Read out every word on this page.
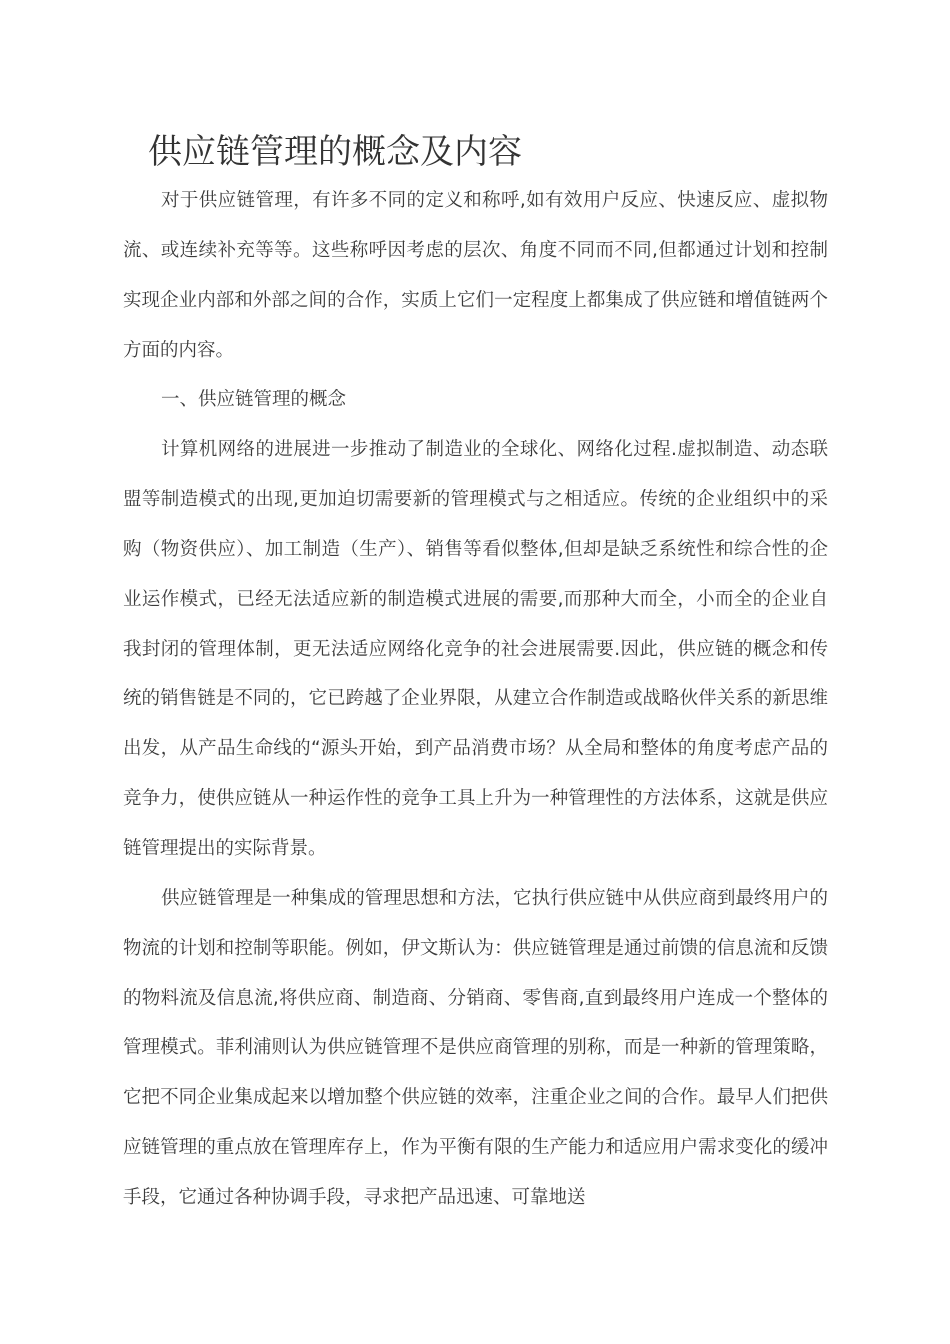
供应链管理的概念及内容

对于供应链管理，有许多不同的定义和称呼,如有效用户反应、快速反应、虚拟物流、或连续补充等等。这些称呼因考虑的层次、角度不同而不同,但都通过计划和控制实现企业内部和外部之间的合作，实质上它们一定程度上都集成了供应链和增值链两个方面的内容。

一、供应链管理的概念

计算机网络的进展进一步推动了制造业的全球化、网络化过程.虚拟制造、动态联盟等制造模式的出现,更加迫切需要新的管理模式与之相适应。传统的企业组织中的采购（物资供应）、加工制造（生产）、销售等看似整体,但却是缺乏系统性和综合性的企业运作模式，已经无法适应新的制造模式进展的需要,而那种大而全，小而全的企业自我封闭的管理体制，更无法适应网络化竞争的社会进展需要.因此，供应链的概念和传统的销售链是不同的，它已跨越了企业界限，从建立合作制造或战略伙伴关系的新思维出发，从产品生命线的“源头开始，到产品消费市场？从全局和整体的角度考虑产品的竞争力，使供应链从一种运作性的竞争工具上升为一种管理性的方法体系，这就是供应链管理提出的实际背景。

供应链管理是一种集成的管理思想和方法，它执行供应链中从供应商到最终用户的物流的计划和控制等职能。例如，伊文斯认为：供应链管理是通过前馈的信息流和反馈的物料流及信息流,将供应商、制造商、分销商、零售商,直到最终用户连成一个整体的管理模式。菲利浦则认为供应链管理不是供应商管理的别称，而是一种新的管理策略，它把不同企业集成起来以增加整个供应链的效率，注重企业之间的合作。最早人们把供应链管理的重点放在管理库存上，作为平衡有限的生产能力和适应用户需求变化的缓冲手段，它通过各种协调手段，寻求把产品迅速、可靠地送
